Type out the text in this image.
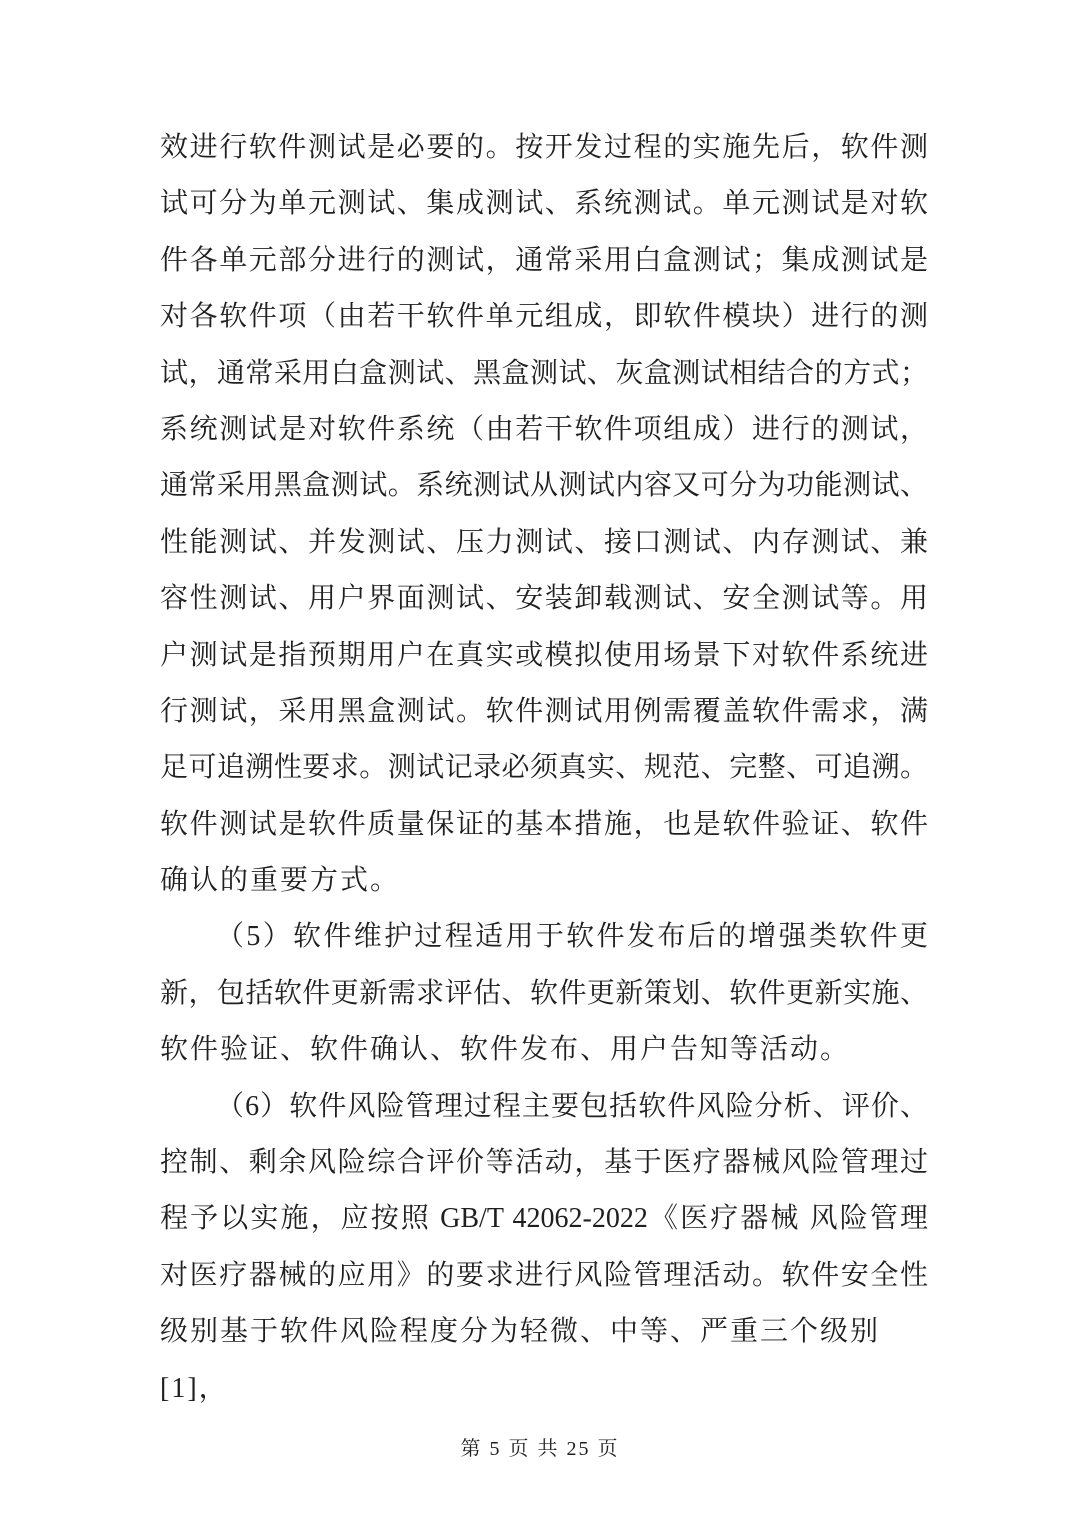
效进行软件测试是必要的。按开发过程的实施先后，软件测
试可分为单元测试、集成测试、系统测试。单元测试是对软
件各单元部分进行的测试，通常采用白盒测试；集成测试是
对各软件项（由若干软件单元组成，即软件模块）进行的测
试，通常采用白盒测试、黑盒测试、灰盒测试相结合的方式；
系统测试是对软件系统（由若干软件项组成）进行的测试，
通常采用黑盒测试。系统测试从测试内容又可分为功能测试、
性能测试、并发测试、压力测试、接口测试、内存测试、兼
容性测试、用户界面测试、安装卸载测试、安全测试等。用
户测试是指预期用户在真实或模拟使用场景下对软件系统进
行测试，采用黑盒测试。软件测试用例需覆盖软件需求，满
足可追溯性要求。测试记录必须真实、规范、完整、可追溯。
软件测试是软件质量保证的基本措施，也是软件验证、软件
确认的重要方式。
（5）软件维护过程适用于软件发布后的增强类软件更
新，包括软件更新需求评估、软件更新策划、软件更新实施、
软件验证、软件确认、软件发布、用户告知等活动。
（6）软件风险管理过程主要包括软件风险分析、评价、
控制、剩余风险综合评价等活动，基于医疗器械风险管理过
程予以实施，应按照 GB/T 42062-2022《医疗器械 风险管理
对医疗器械的应用》的要求进行风险管理活动。软件安全性
级别基于软件风险程度分为轻微、中等、严重三个级别[1]，
第 5 页 共 25 页
